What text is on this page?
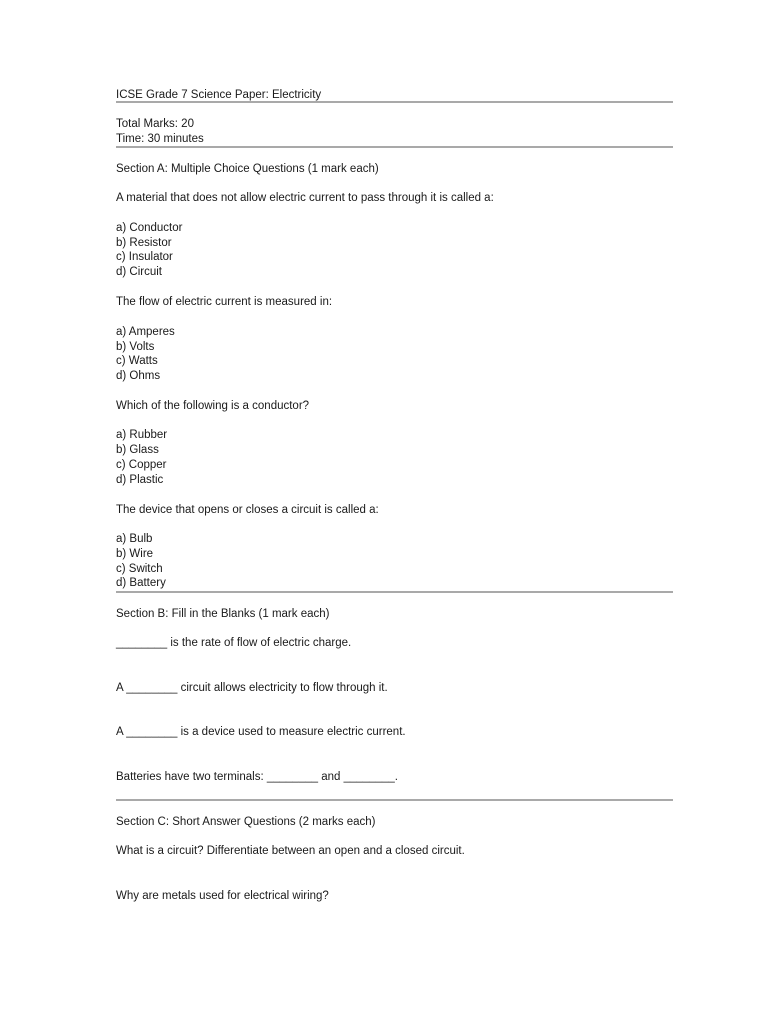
ICSE Grade 7 Science Paper: Electricity
Total Marks: 20
Time: 30 minutes
Section A: Multiple Choice Questions (1 mark each)
A material that does not allow electric current to pass through it is called a:
a) Conductor
b) Resistor
c) Insulator
d) Circuit
The flow of electric current is measured in:
a) Amperes
b) Volts
c) Watts
d) Ohms
Which of the following is a conductor?
a) Rubber
b) Glass
c) Copper
d) Plastic
The device that opens or closes a circuit is called a:
a) Bulb
b) Wire
c) Switch
d) Battery
Section B: Fill in the Blanks (1 mark each)
________ is the rate of flow of electric charge.
A ________ circuit allows electricity to flow through it.
A ________ is a device used to measure electric current.
Batteries have two terminals: ________ and ________.
Section C: Short Answer Questions (2 marks each)
What is a circuit? Differentiate between an open and a closed circuit.
Why are metals used for electrical wiring?
